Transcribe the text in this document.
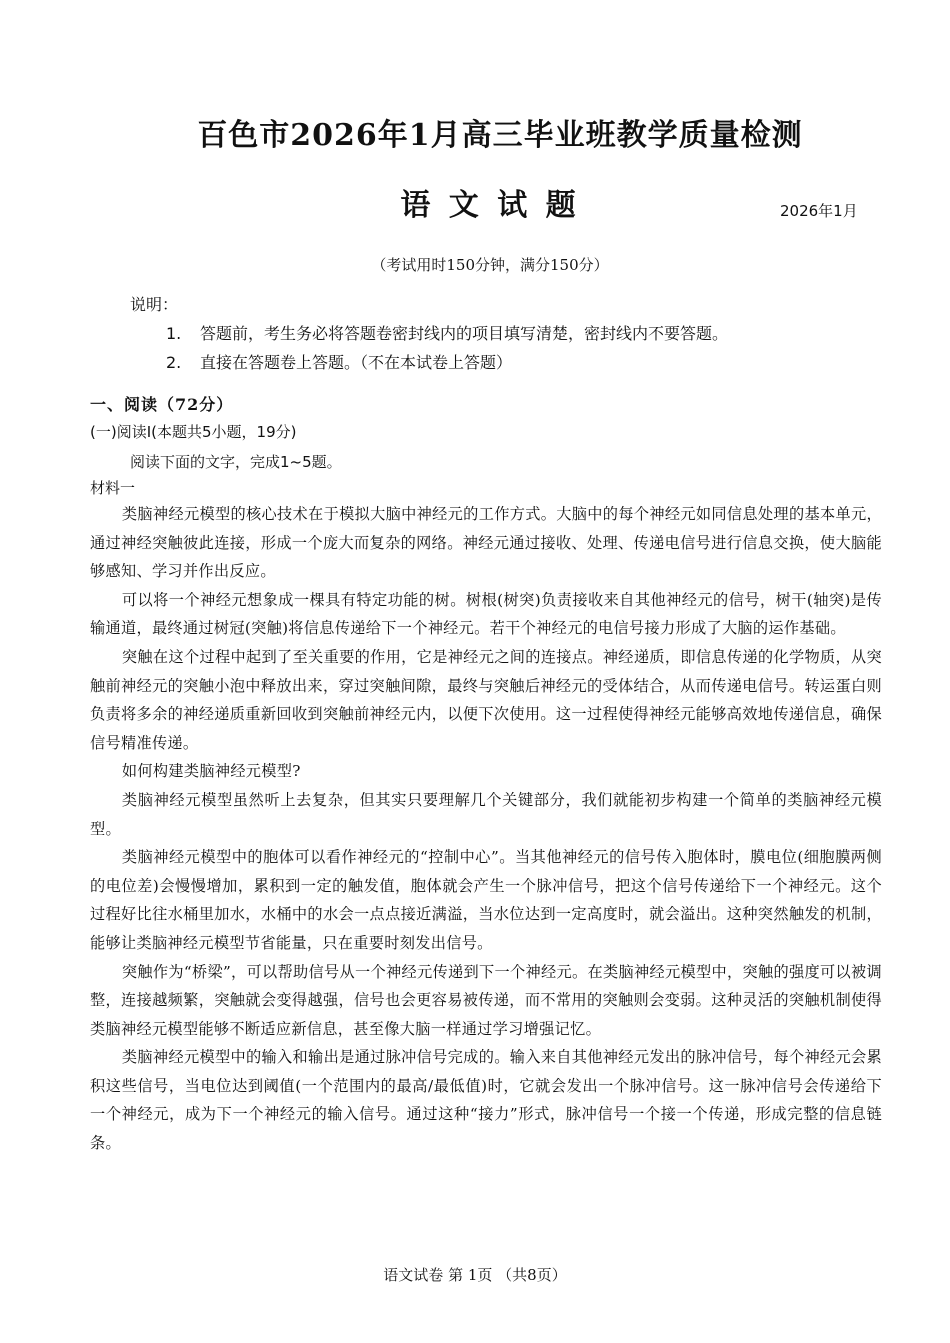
百色市2026年1月高三毕业班教学质量检测
语 文 试 题	2026年1月
（考试用时150分钟，满分150分）
说明：
1. 答题前，考生务必将答题卷密封线内的项目填写清楚，密封线内不要答题。
2. 直接在答题卷上答题。（不在本试卷上答题）
一、阅读（72分）
(一)阅读Ⅰ(本题共5小题，19分)
阅读下面的文字，完成1~5题。
材料一

类脑神经元模型的核心技术在于模拟大脑中神经元的工作方式。大脑中的每个神经元如同信息处理的基本单元，通过神经突触彼此连接，形成一个庞大而复杂的网络。神经元通过接收、处理、传递电信号进行信息交换，使大脑能够感知、学习并作出反应。

可以将一个神经元想象成一棵具有特定功能的树。树根(树突)负责接收来自其他神经元的信号，树干(轴突)是传输通道，最终通过树冠(突触)将信息传递给下一个神经元。若干个神经元的电信号接力形成了大脑的运作基础。

突触在这个过程中起到了至关重要的作用，它是神经元之间的连接点。神经递质，即信息传递的化学物质，从突触前神经元的突触小泡中释放出来，穿过突触间隙，最终与突触后神经元的受体结合，从而传递电信号。转运蛋白则负责将多余的神经递质重新回收到突触前神经元内，以便下次使用。这一过程使得神经元能够高效地传递信息，确保信号精准传递。

如何构建类脑神经元模型?

类脑神经元模型虽然听上去复杂，但其实只要理解几个关键部分，我们就能初步构建一个简单的类脑神经元模型。

类脑神经元模型中的胞体可以看作神经元的“控制中心”。当其他神经元的信号传入胞体时，膜电位(细胞膜两侧的电位差)会慢慢增加，累积到一定的触发值，胞体就会产生一个脉冲信号，把这个信号传递给下一个神经元。这个过程好比往水桶里加水，水桶中的水会一点点接近满溢，当水位达到一定高度时，就会溢出。这种突然触发的机制，能够让类脑神经元模型节省能量，只在重要时刻发出信号。

突触作为“桥梁”，可以帮助信号从一个神经元传递到下一个神经元。在类脑神经元模型中，突触的强度可以被调整，连接越频繁，突触就会变得越强，信号也会更容易被传递，而不常用的突触则会变弱。这种灵活的突触机制使得类脑神经元模型能够不断适应新信息，甚至像大脑一样通过学习增强记忆。

类脑神经元模型中的输入和输出是通过脉冲信号完成的。输入来自其他神经元发出的脉冲信号，每个神经元会累积这些信号，当电位达到阈值(一个范围内的最高/最低值)时，它就会发出一个脉冲信号。这一脉冲信号会传递给下一个神经元，成为下一个神经元的输入信号。通过这种“接力”形式，脉冲信号一个接一个传递，形成完整的信息链条。

语文试卷 第 1页 （共8页）
